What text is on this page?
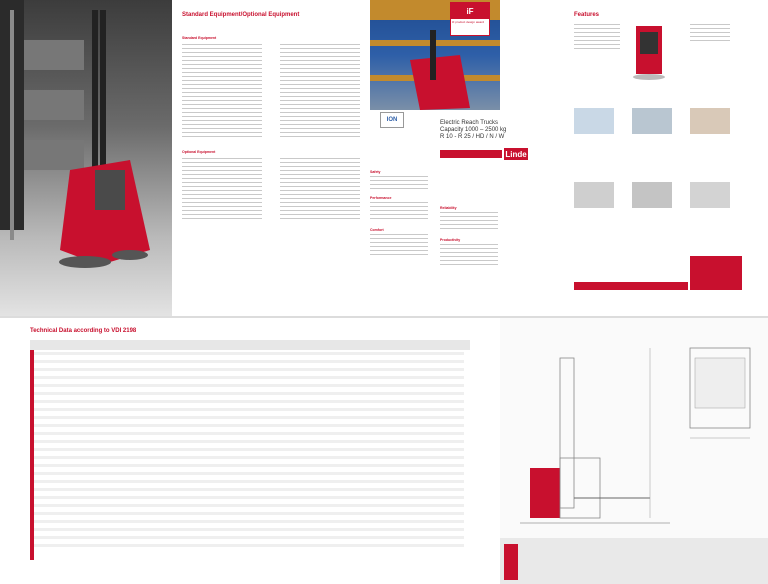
Standard Equipment/Optional Equipment
Standard Equipment
Optional Equipment
iF
iF product design award
ION	Electric Reach Trucks
Capacity 1000 – 2500 kg
R 10 - R 25 / HD / N / W
Safety
Performance
Comfort
Reliability
Productivity
Linde
Features
Technical Data according to VDI 2198
